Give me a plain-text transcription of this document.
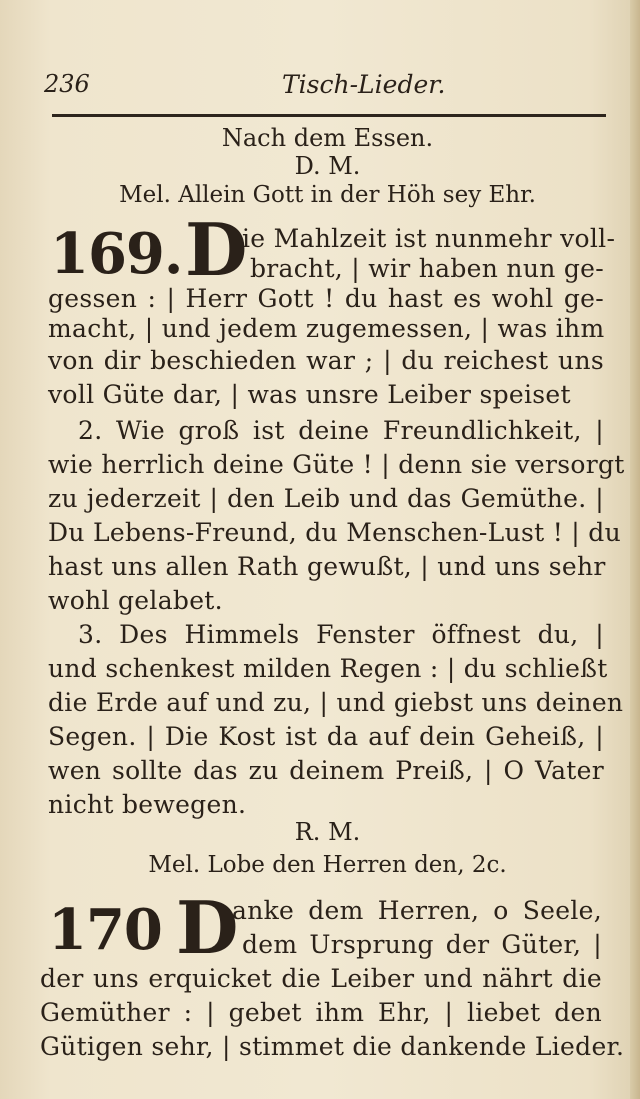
236	Tisch-Lieder.
Nach dem Essen.
D. M.
Mel. Allein Gott in der Höh sey Ehr.
169. D
ie Mahlzeit ist nunmehr voll-
bracht, | wir haben nun ge-
gessen : | Herr Gott ! du hast es wohl ge-
macht, | und jedem zugemessen, | was ihm
von dir beschieden war ; | du reichest uns
voll Güte dar, | was unsre Leiber speiset
2. Wie groß ist deine Freundlichkeit, |
wie herrlich deine Güte ! | denn sie versorgt
zu jederzeit | den Leib und das Gemüthe. |
Du Lebens-Freund, du Menschen-Lust ! | du
hast uns allen Rath gewußt, | und uns sehr
wohl gelabet.
3. Des Himmels Fenster öffnest du, |
und schenkest milden Regen : | du schließt
die Erde auf und zu, | und giebst uns deinen
Segen. | Die Kost ist da auf dein Geheiß, |
wen sollte das zu deinem Preiß, | O Vater
nicht bewegen.
R. M.
Mel. Lobe den Herren den, 2c.
170 D
anke dem Herren, o Seele,
dem Ursprung der Güter, |
der uns erquicket die Leiber und nährt die
Gemüther : | gebet ihm Ehr, | liebet den
Gütigen sehr, | stimmet die dankende Lieder.
